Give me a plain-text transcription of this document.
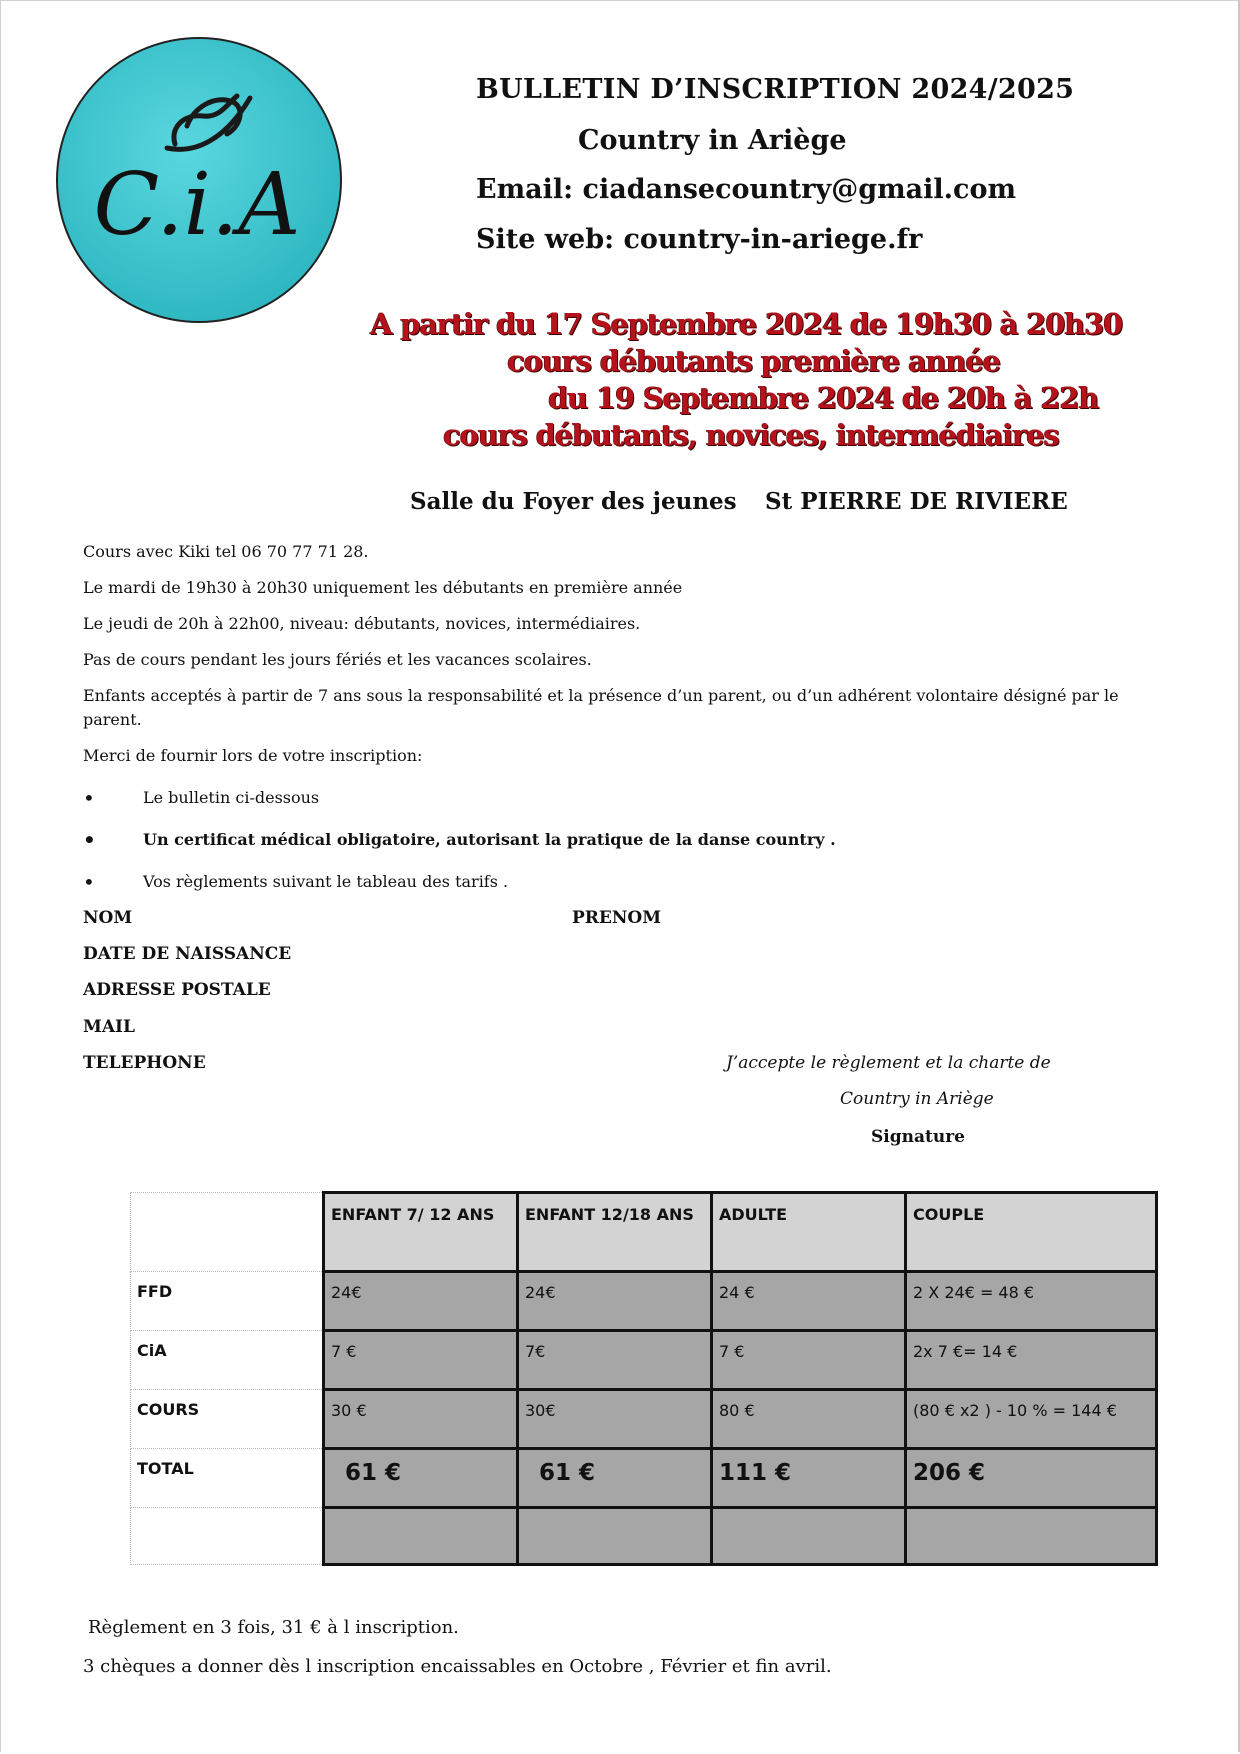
C.i.A
BULLETIN D’INSCRIPTION 2024/2025
Country in Ariège
Email: ciadansecountry@gmail.com
Site web: country-in-ariege.fr
A partir du 17 Septembre 2024 de 19h30 à 20h30
cours débutants première année
du 19 Septembre 2024 de 20h à 22h
cours débutants, novices, intermédiaires
Salle du Foyer des jeunes St PIERRE DE RIVIERE
Cours avec Kiki tel 06 70 77 71 28.
Le mardi de 19h30 à 20h30 uniquement les débutants en première année
Le jeudi de 20h à 22h00, niveau: débutants, novices, intermédiaires.
Pas de cours pendant les jours fériés et les vacances scolaires.
Enfants acceptés à partir de 7 ans sous la responsabilité et la présence d’un parent, ou d’un adhérent volontaire désigné par le parent.
Merci de fournir lors de votre inscription:
•	Le bulletin ci-dessous
•	Un certificat médical obligatoire, autorisant la pratique de la danse country .
•	Vos règlements suivant le tableau des tarifs .
NOM	PRENOM
DATE DE NAISSANCE
ADRESSE POSTALE
MAIL
TELEPHONE	J’accepte le règlement et la charte de
Country in Ariège
Signature
	ENFANT 7/ 12 ANS	ENFANT 12/18 ANS	ADULTE	COUPLE
FFD	24€	24€	24 €	2 X 24€ = 48 €
CiA	7 €	7€	7 €	2x 7 €= 14 €
COURS	30 €	30€	80 €	(80 € x2 ) - 10 % = 144 €
TOTAL	61 €	61 €	111 €	206 €

Règlement en 3 fois, 31 € à l inscription.
3 chèques a donner dès l inscription encaissables en Octobre , Février et fin avril.
